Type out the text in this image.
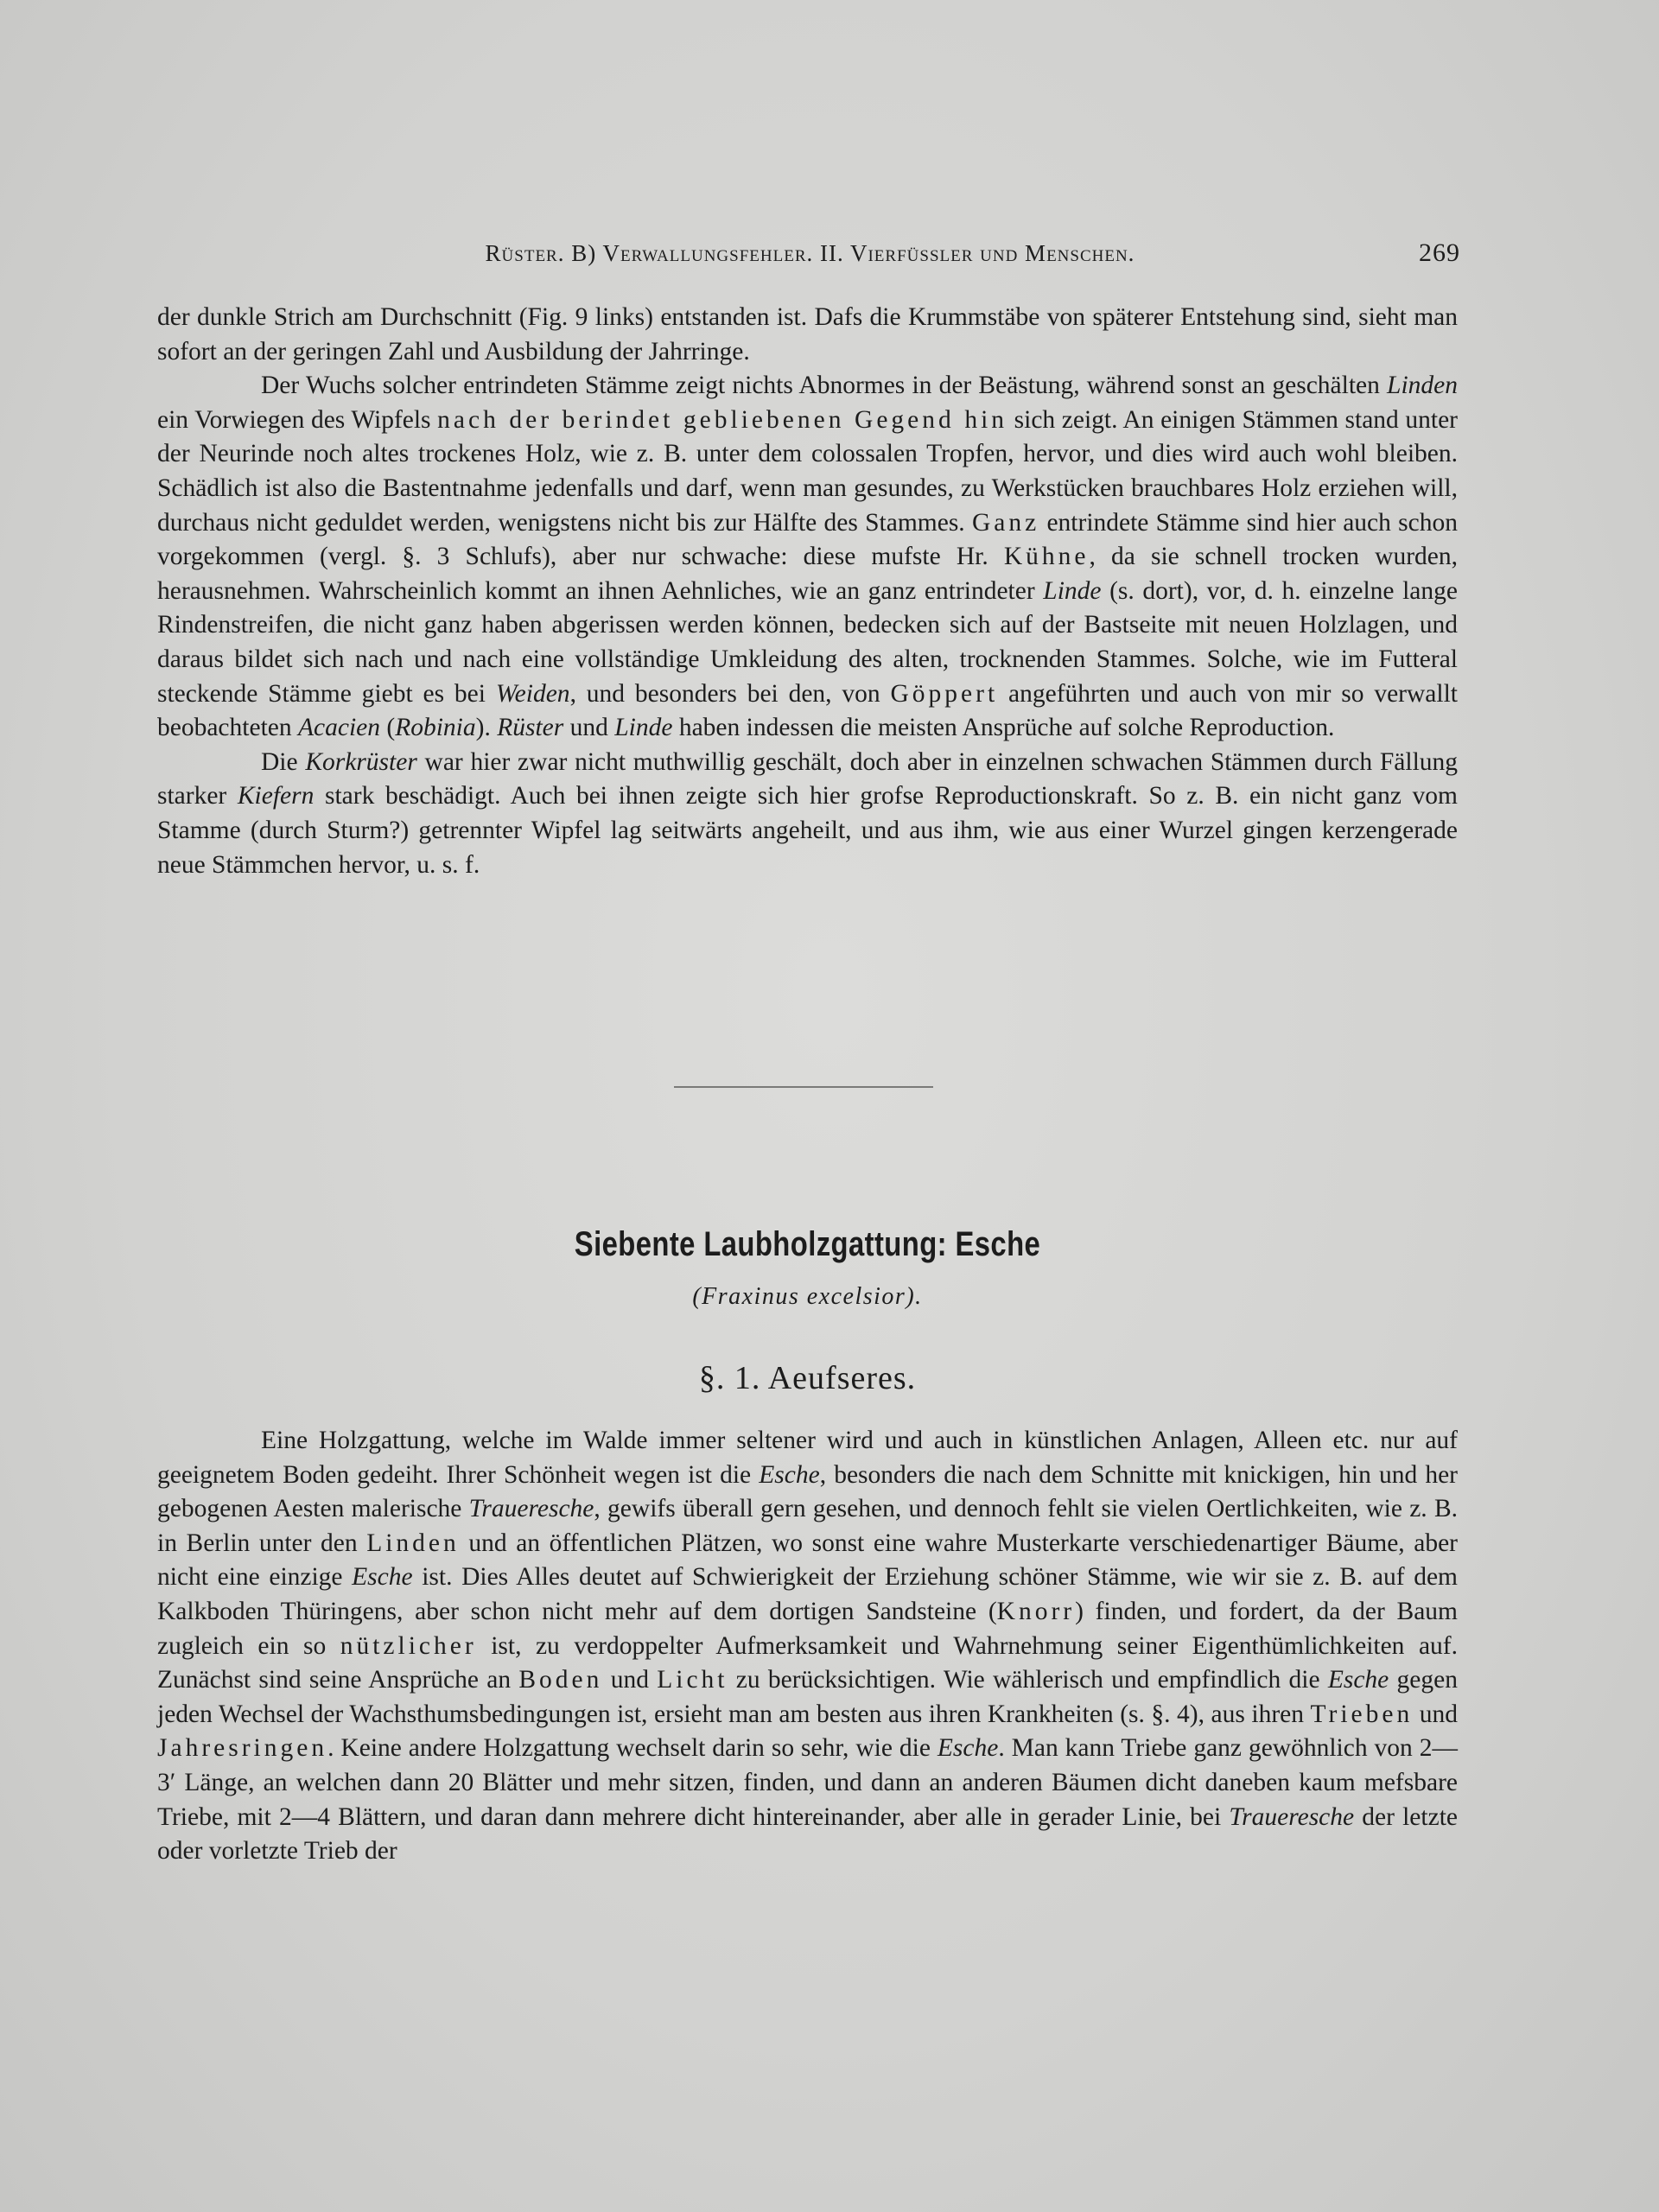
Rüster. B) Verwallungsfehler. II. Vierfüssler und Menschen.	269

der dunkle Strich am Durchschnitt (Fig. 9 links) entstanden ist. Dafs die Krummstäbe von späterer Entstehung sind, sieht man sofort an der geringen Zahl und Ausbildung der Jahrringe.

Der Wuchs solcher entrindeten Stämme zeigt nichts Abnormes in der Beästung, während sonst an geschälten Linden ein Vorwiegen des Wipfels nach der berindet gebliebenen Gegend hin sich zeigt. An einigen Stämmen stand unter der Neurinde noch altes trockenes Holz, wie z. B. unter dem colossalen Tropfen, hervor, und dies wird auch wohl bleiben. Schädlich ist also die Bastentnahme jedenfalls und darf, wenn man gesundes, zu Werkstücken brauchbares Holz erziehen will, durchaus nicht geduldet werden, wenigstens nicht bis zur Hälfte des Stammes. Ganz entrindete Stämme sind hier auch schon vorgekommen (vergl. §. 3 Schlufs), aber nur schwache: diese mufste Hr. Kühne, da sie schnell trocken wurden, herausnehmen. Wahrscheinlich kommt an ihnen Aehnliches, wie an ganz entrindeter Linde (s. dort), vor, d. h. einzelne lange Rindenstreifen, die nicht ganz haben abgerissen werden können, bedecken sich auf der Bastseite mit neuen Holzlagen, und daraus bildet sich nach und nach eine vollständige Umkleidung des alten, trocknenden Stammes. Solche, wie im Futteral steckende Stämme giebt es bei Weiden, und besonders bei den, von Göppert angeführten und auch von mir so verwallt beobachteten Acacien (Robinia). Rüster und Linde haben indessen die meisten Ansprüche auf solche Reproduction.

Die Korkrüster war hier zwar nicht muthwillig geschält, doch aber in einzelnen schwachen Stämmen durch Fällung starker Kiefern stark beschädigt. Auch bei ihnen zeigte sich hier grofse Reproductionskraft. So z. B. ein nicht ganz vom Stamme (durch Sturm?) getrennter Wipfel lag seitwärts angeheilt, und aus ihm, wie aus einer Wurzel gingen kerzengerade neue Stämmchen hervor, u. s. f.

Siebente Laubholzgattung: Esche
(Fraxinus excelsior).
§. 1. Aeufseres.

Eine Holzgattung, welche im Walde immer seltener wird und auch in künstlichen Anlagen, Alleen etc. nur auf geeignetem Boden gedeiht. Ihrer Schönheit wegen ist die Esche, besonders die nach dem Schnitte mit knickigen, hin und her gebogenen Aesten malerische Traueresche, gewifs überall gern gesehen, und dennoch fehlt sie vielen Oertlichkeiten, wie z. B. in Berlin unter den Linden und an öffentlichen Plätzen, wo sonst eine wahre Musterkarte verschiedenartiger Bäume, aber nicht eine einzige Esche ist. Dies Alles deutet auf Schwierigkeit der Erziehung schöner Stämme, wie wir sie z. B. auf dem Kalkboden Thüringens, aber schon nicht mehr auf dem dortigen Sandsteine (Knorr) finden, und fordert, da der Baum zugleich ein so nützlicher ist, zu verdoppelter Aufmerksamkeit und Wahrnehmung seiner Eigenthümlichkeiten auf. Zunächst sind seine Ansprüche an Boden und Licht zu berücksichtigen. Wie wählerisch und empfindlich die Esche gegen jeden Wechsel der Wachsthumsbedingungen ist, ersieht man am besten aus ihren Krankheiten (s. §. 4), aus ihren Trieben und Jahresringen. Keine andere Holzgattung wechselt darin so sehr, wie die Esche. Man kann Triebe ganz gewöhnlich von 2—3′ Länge, an welchen dann 20 Blätter und mehr sitzen, finden, und dann an anderen Bäumen dicht daneben kaum mefsbare Triebe, mit 2—4 Blättern, und daran dann mehrere dicht hintereinander, aber alle in gerader Linie, bei Traueresche der letzte oder vorletzte Trieb der
